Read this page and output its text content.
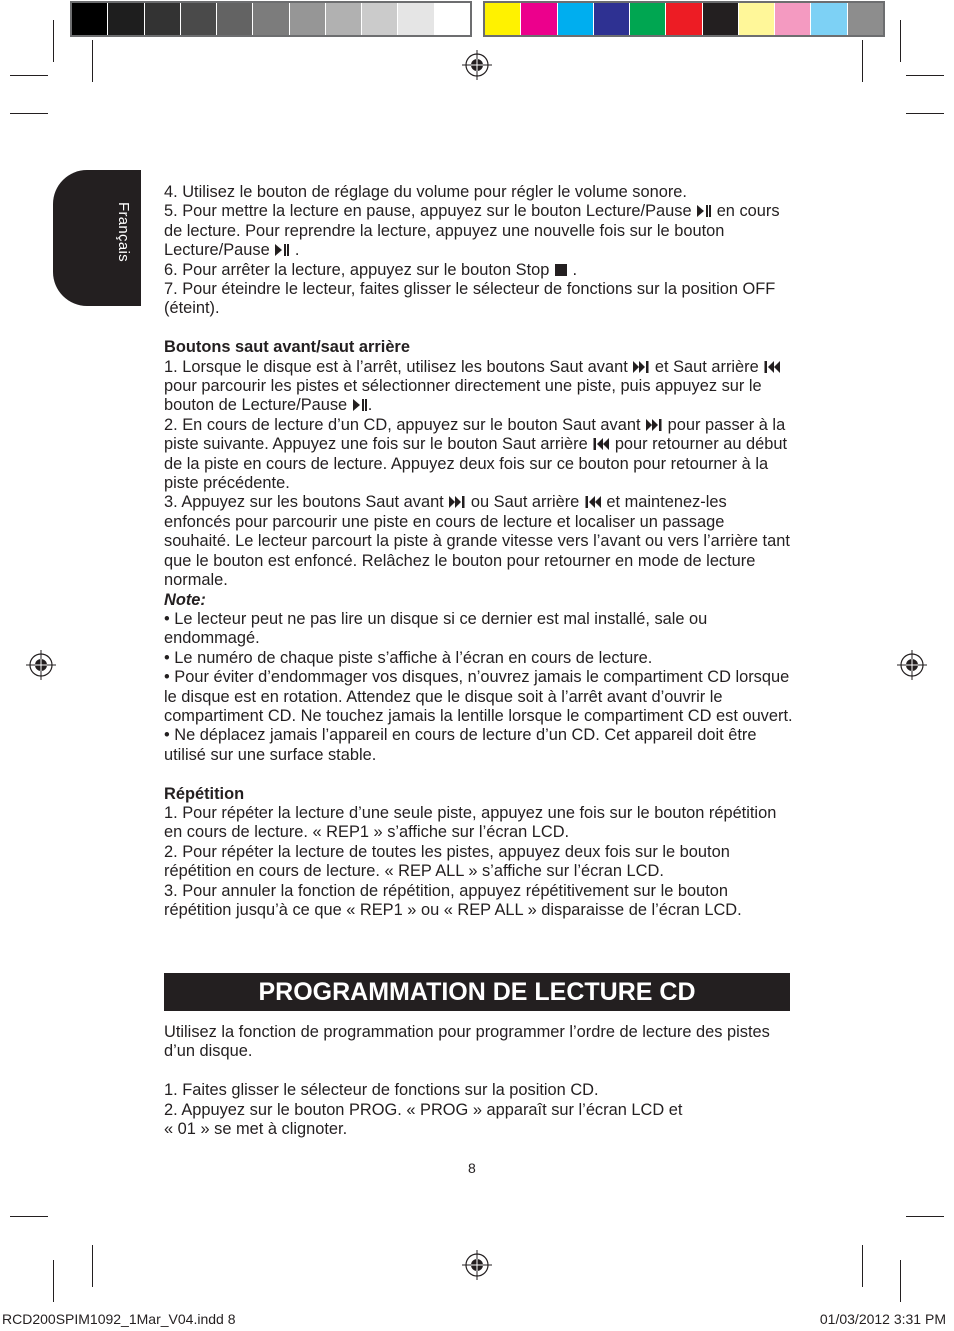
Français

4. Utilisez le bouton de réglage du volume pour régler le volume sonore.

5. Pour mettre la lecture en pause, appuyez sur le bouton Lecture/Pause en cours de lecture. Pour reprendre la lecture, appuyez une nouvelle fois sur le bouton Lecture/Pause .

6. Pour arrêter la lecture, appuyez sur le bouton Stop .

7. Pour éteindre le lecteur, faites glisser le sélecteur de fonctions sur la position OFF (éteint).

Boutons saut avant/saut arrière

1. Lorsque le disque est à l’arrêt, utilisez les boutons Saut avant et Saut arrière  pour parcourir les pistes et sélectionner directement une piste, puis appuyez sur le bouton de Lecture/Pause .

2. En cours de lecture d’un CD, appuyez sur le bouton Saut avant pour passer à la piste suivante. Appuyez une fois sur le bouton Saut arrière pour retourner au début de la piste en cours de lecture. Appuyez deux fois sur ce bouton pour retourner à la piste précédente.

3. Appuyez sur les boutons Saut avant ou Saut arrière et maintenez-les enfoncés pour parcourir une piste en cours de lecture et localiser un passage souhaité. Le lecteur parcourt la piste à grande vitesse vers l’avant ou vers l’arrière tant que le bouton est enfoncé. Relâchez le bouton pour retourner en mode de lecture normale.

Note:

• Le lecteur peut ne pas lire un disque si ce dernier est mal installé, sale ou endommagé.

• Le numéro de chaque piste s’affiche à l’écran en cours de lecture.

• Pour éviter d’endommager vos disques, n’ouvrez jamais le compartiment CD lorsque le disque est en rotation. Attendez que le disque soit à l’arrêt avant d’ouvrir le compartiment CD. Ne touchez jamais la lentille lorsque le compartiment CD est ouvert.

• Ne déplacez jamais l’appareil en cours de lecture d’un CD. Cet appareil doit être utilisé sur une surface stable.

Répétition

1. Pour répéter la lecture d’une seule piste, appuyez une fois sur le bouton répétition en cours de lecture. « REP1 » s’affiche sur l’écran LCD.

2. Pour répéter la lecture de toutes les pistes, appuyez deux fois sur le bouton répétition en cours de lecture. « REP ALL » s’affiche sur l’écran LCD.

3. Pour annuler la fonction de répétition, appuyez répétitivement sur le bouton répétition jusqu’à ce que « REP1 » ou « REP ALL » disparaisse de l’écran LCD.

PROGRAMMATION DE LECTURE CD

Utilisez la fonction de programmation pour programmer l’ordre de lecture des pistes d’un disque.

1. Faites glisser le sélecteur de fonctions sur la position CD.

2. Appuyez sur le bouton PROG. « PROG » apparaît sur l’écran LCD et

« 01 » se met à clignoter.

8
RCD200SPIM1092_1Mar_V04.indd 8	01/03/2012 3:31 PM
